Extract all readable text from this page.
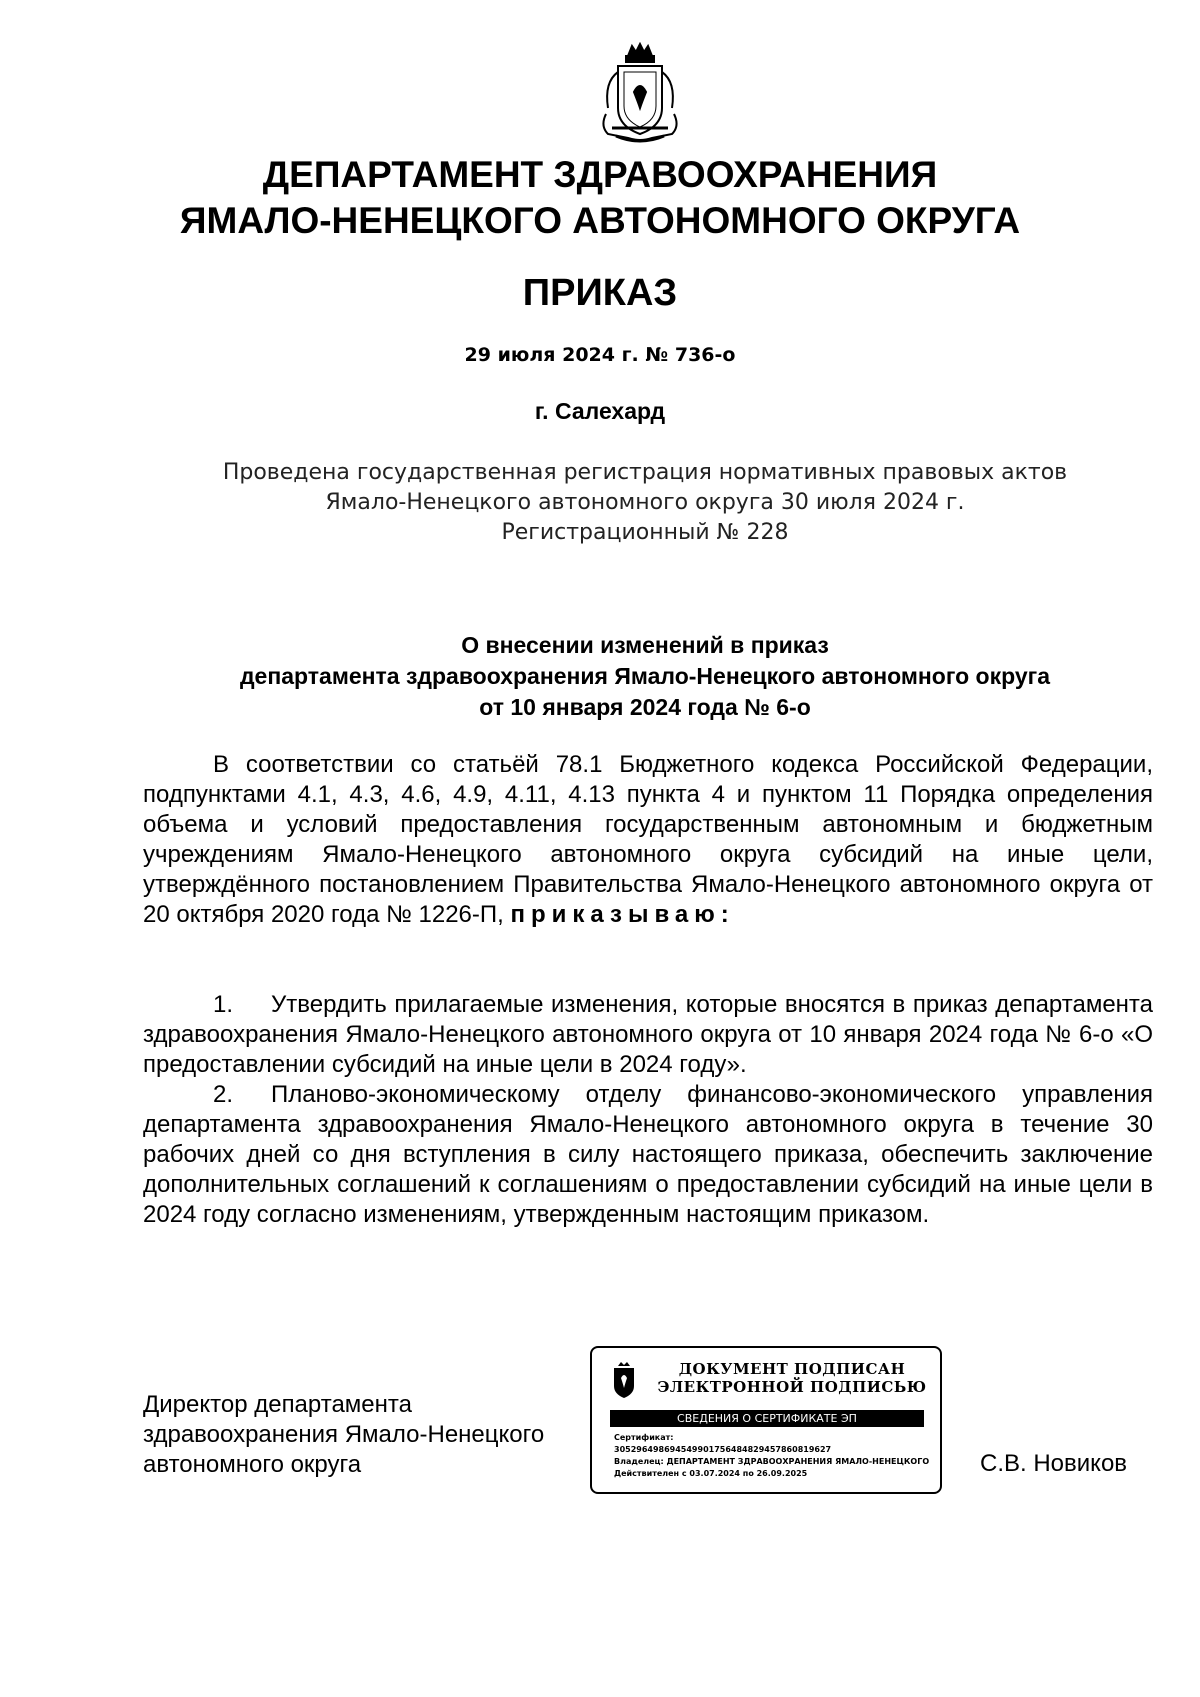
ДЕПАРТАМЕНТ ЗДРАВООХРАНЕНИЯ
ЯМАЛО-НЕНЕЦКОГО АВТОНОМНОГО ОКРУГА
ПРИКАЗ
29 июля 2024 г. № 736-о
г. Салехард
Проведена государственная регистрация нормативных правовых актов
Ямало-Ненецкого автономного округа 30 июля 2024 г.
Регистрационный № 228
О внесении изменений в приказ
департамента здравоохранения Ямало-Ненецкого автономного округа
от 10 января 2024 года № 6-о
В соответствии со статьёй 78.1 Бюджетного кодекса Российской Федерации, подпунктами 4.1, 4.3, 4.6, 4.9, 4.11, 4.13 пункта 4 и пунктом 11 Порядка определения объема и условий предоставления государственным автономным и бюджетным учреждениям Ямало-Ненецкого автономного округа субсидий на иные цели, утверждённого постановлением Правительства Ямало-Ненецкого автономного округа от 20 октября 2020 года № 1226-П, приказываю:
1. Утвердить прилагаемые изменения, которые вносятся в приказ департамента здравоохранения Ямало-Ненецкого автономного округа от 10 января 2024 года № 6-о «О предоставлении субсидий на иные цели в 2024 году».
2. Планово-экономическому отделу финансово-экономического управления департамента здравоохранения Ямало-Ненецкого автономного округа в течение 30 рабочих дней со дня вступления в силу настоящего приказа, обеспечить заключение дополнительных соглашений к соглашениям о предоставлении субсидий на иные цели в 2024 году согласно изменениям, утвержденным настоящим приказом.
Директор департамента
здравоохранения Ямало-Ненецкого
автономного округа
ДОКУМЕНТ ПОДПИСАН
ЭЛЕКТРОННОЙ ПОДПИСЬЮ
СВЕДЕНИЯ О СЕРТИФИКАТЕ ЭП
Сертификат:
305296498694549901756484829457860819627
Владелец: ДЕПАРТАМЕНТ ЗДРАВООХРАНЕНИЯ ЯМАЛО-НЕНЕЦКОГО
Действителен с 03.07.2024 по 26.09.2025	С.В. Новиков
